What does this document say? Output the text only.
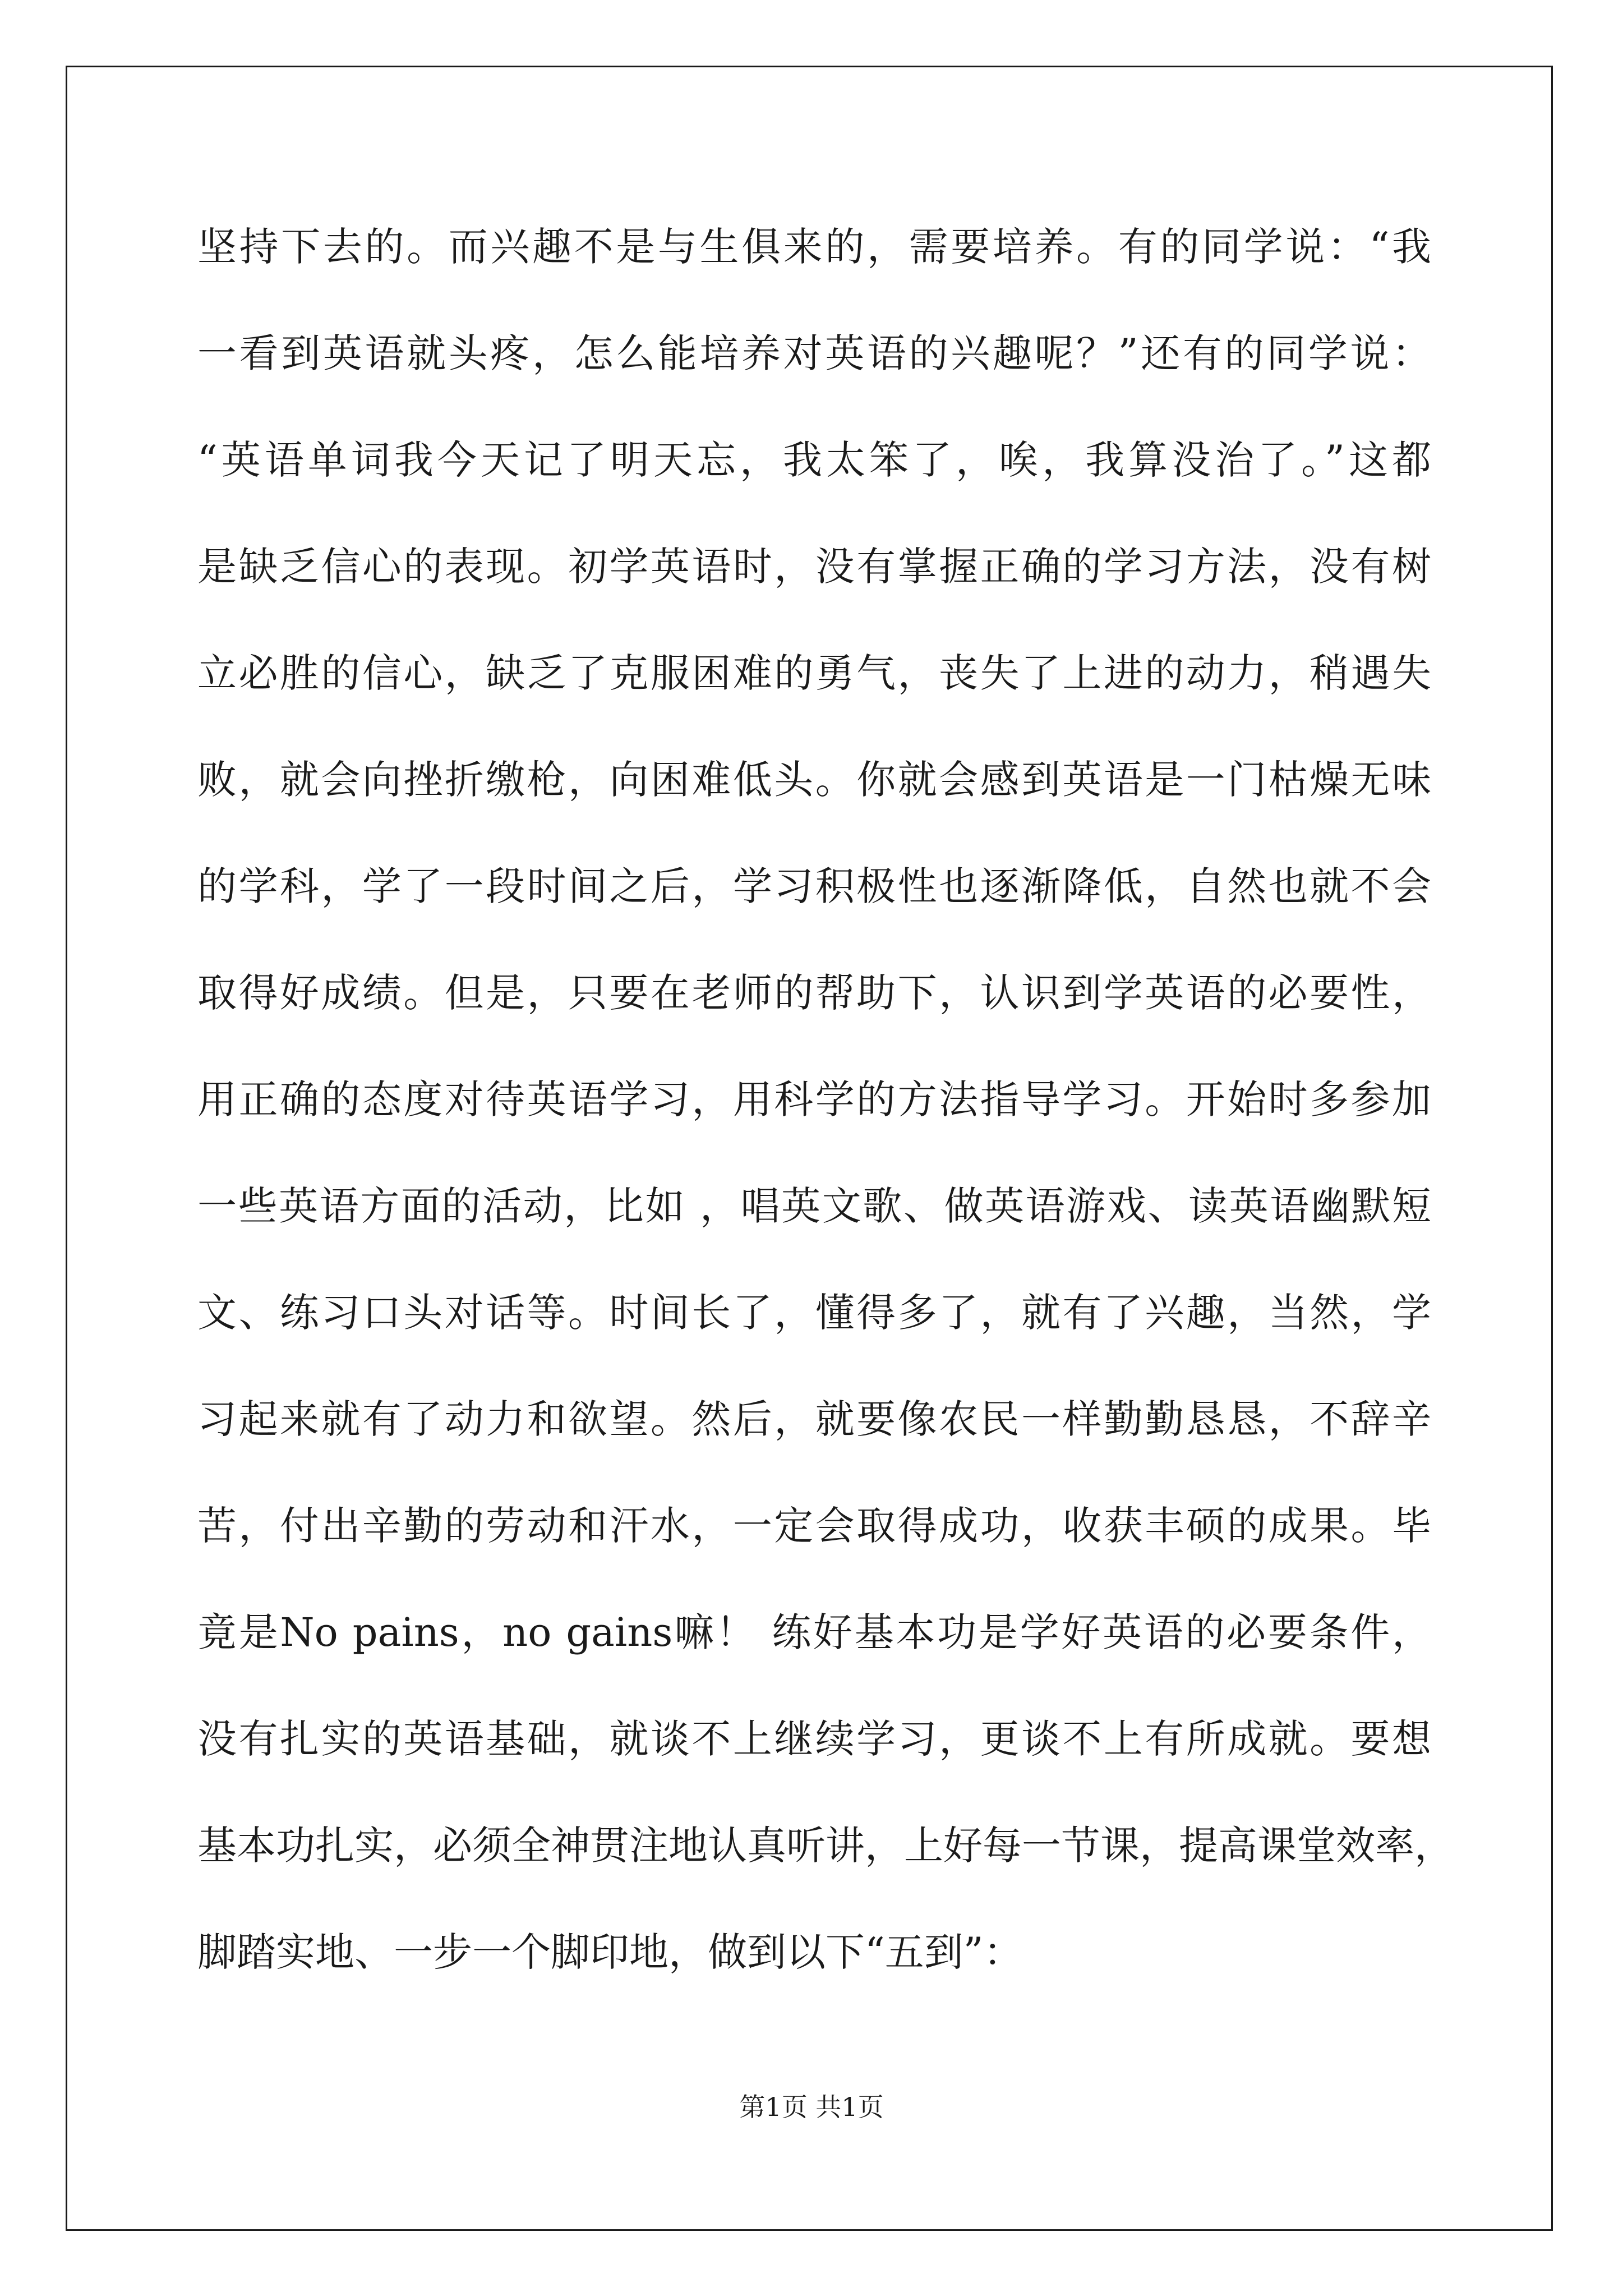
坚持下去的。而兴趣不是与生俱来的，需要培养。有的同学说：“我
一看到英语就头疼，怎么能培养对英语的兴趣呢？”还有的同学说：
“英语单词我今天记了明天忘，我太笨了，唉，我算没治了。”这都
是缺乏信心的表现。初学英语时，没有掌握正确的学习方法，没有树
立必胜的信心，缺乏了克服困难的勇气，丧失了上进的动力，稍遇失
败，就会向挫折缴枪，向困难低头。你就会感到英语是一门枯燥无味
的学科，学了一段时间之后，学习积极性也逐渐降低，自然也就不会
取得好成绩。但是，只要在老师的帮助下，认识到学英语的必要性，
用正确的态度对待英语学习，用科学的方法指导学习。开始时多参加
一些英语方面的活动，比如 ，唱英文歌、做英语游戏、读英语幽默短
文、练习口头对话等。时间长了，懂得多了，就有了兴趣，当然，学
习起来就有了动力和欲望。然后，就要像农民一样勤勤恳恳，不辞辛
苦，付出辛勤的劳动和汗水，一定会取得成功，收获丰硕的成果。毕
竟是No pains，no gains嘛！ 练好基本功是学好英语的必要条件，
没有扎实的英语基础，就谈不上继续学习，更谈不上有所成就。要想
基本功扎实，必须全神贯注地认真听讲，上好每一节课，提高课堂效率，
脚踏实地、一步一个脚印地，做到以下“五到”：
第1页 共1页
